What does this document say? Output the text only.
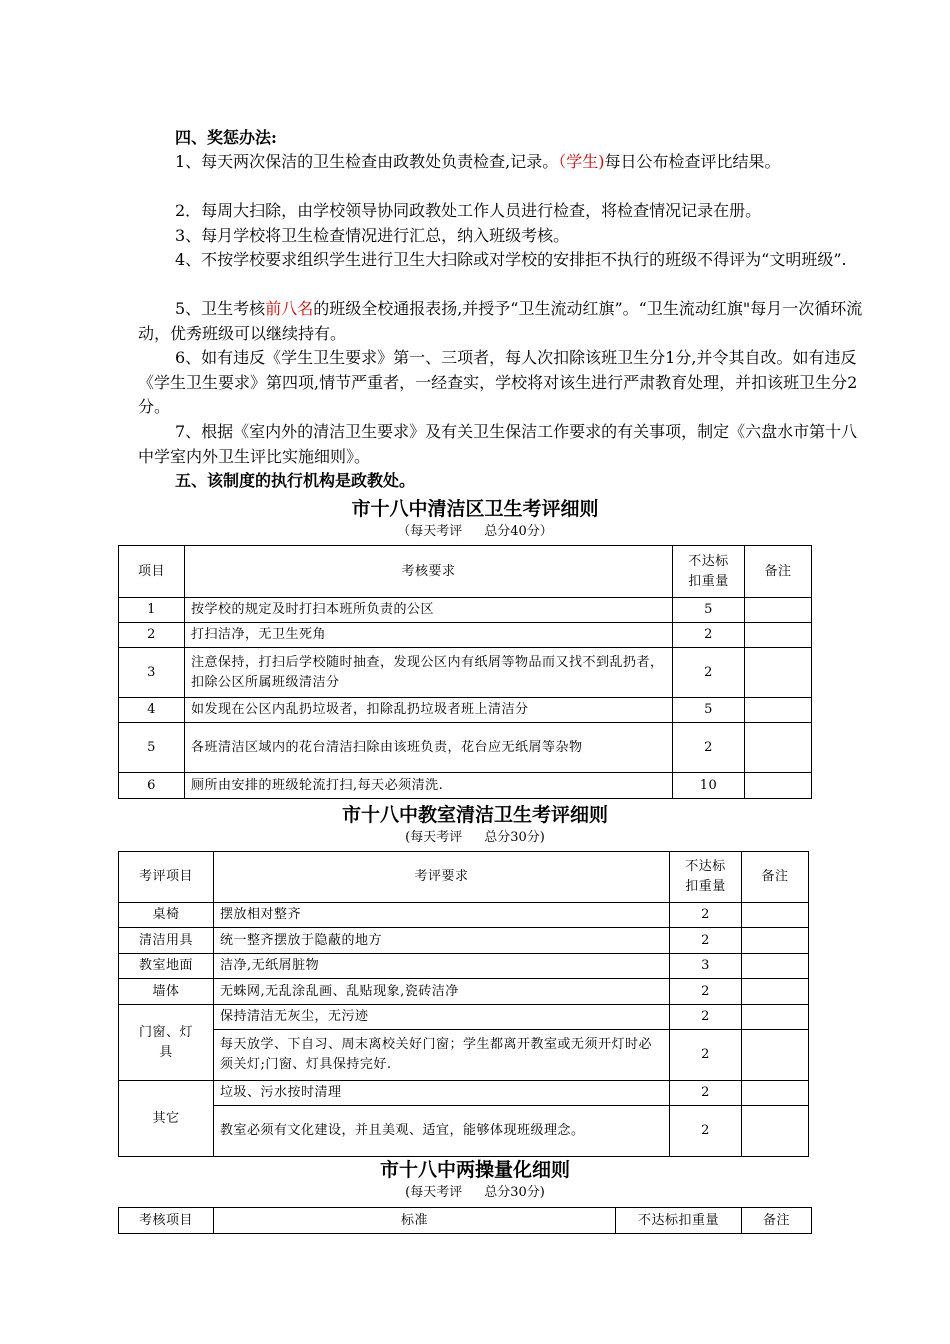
四、奖惩办法:
1、每天两次保洁的卫生检查由政教处负责检查,记录。（学生)每日公布检查评比结果。
2．每周大扫除，由学校领导协同政教处工作人员进行检查，将检查情况记录在册。
3、每月学校将卫生检查情况进行汇总，纳入班级考核。
4、不按学校要求组织学生进行卫生大扫除或对学校的安排拒不执行的班级不得评为“文明班级”.
5、卫生考核前八名的班级全校通报表扬,并授予“卫生流动红旗”。“卫生流动红旗"每月一次循环流动，优秀班级可以继续持有。
6、如有违反《学生卫生要求》第一、三项者，每人次扣除该班卫生分1分,并令其自改。如有违反《学生卫生要求》第四项,情节严重者，一经查实，学校将对该生进行严肃教育处理，并扣该班卫生分2分。
7、根据《室内外的清洁卫生要求》及有关卫生保洁工作要求的有关事项，制定《六盘水市第十八中学室内外卫生评比实施细则》。
五、该制度的执行机构是政教处。
市十八中清洁区卫生考评细则
（每天考评 总分40分）
项目	考核要求	不达标扣重量	备注
1	按学校的规定及时打扫本班所负责的公区	5	
2	打扫洁净，无卫生死角	2	
3	注意保持，打扫后学校随时抽查，发现公区内有纸屑等物品而又找不到乱扔者，扣除公区所属班级清洁分	2	
4	如发现在公区内乱扔垃圾者，扣除乱扔垃圾者班上清洁分	5	
5	各班清洁区域内的花台清洁扫除由该班负责，花台应无纸屑等杂物	2	
6	厕所由安排的班级轮流打扫,每天必须清洗.	10	
市十八中教室清洁卫生考评细则
(每天考评 总分30分)
考评项目	考评要求	不达标扣重量	备注
桌椅	摆放相对整齐	2	
清洁用具	统一整齐摆放于隐蔽的地方	2	
教室地面	洁净,无纸屑脏物	3	
墙体	无蛛网,无乱涂乱画、乱贴现象,瓷砖洁净	2	
门窗、灯具	保持清洁无灰尘，无污迹	2	
	每天放学、下自习、周末离校关好门窗；学生都离开教室或无须开灯时必须关灯;门窗、灯具保持完好.	2	
其它	垃圾、污水按时清理	2	
	教室必须有文化建设，并且美观、适宜，能够体现班级理念。	2	
市十八中两操量化细则
(每天考评 总分30分)
考核项目	标准	不达标扣重量	备注
